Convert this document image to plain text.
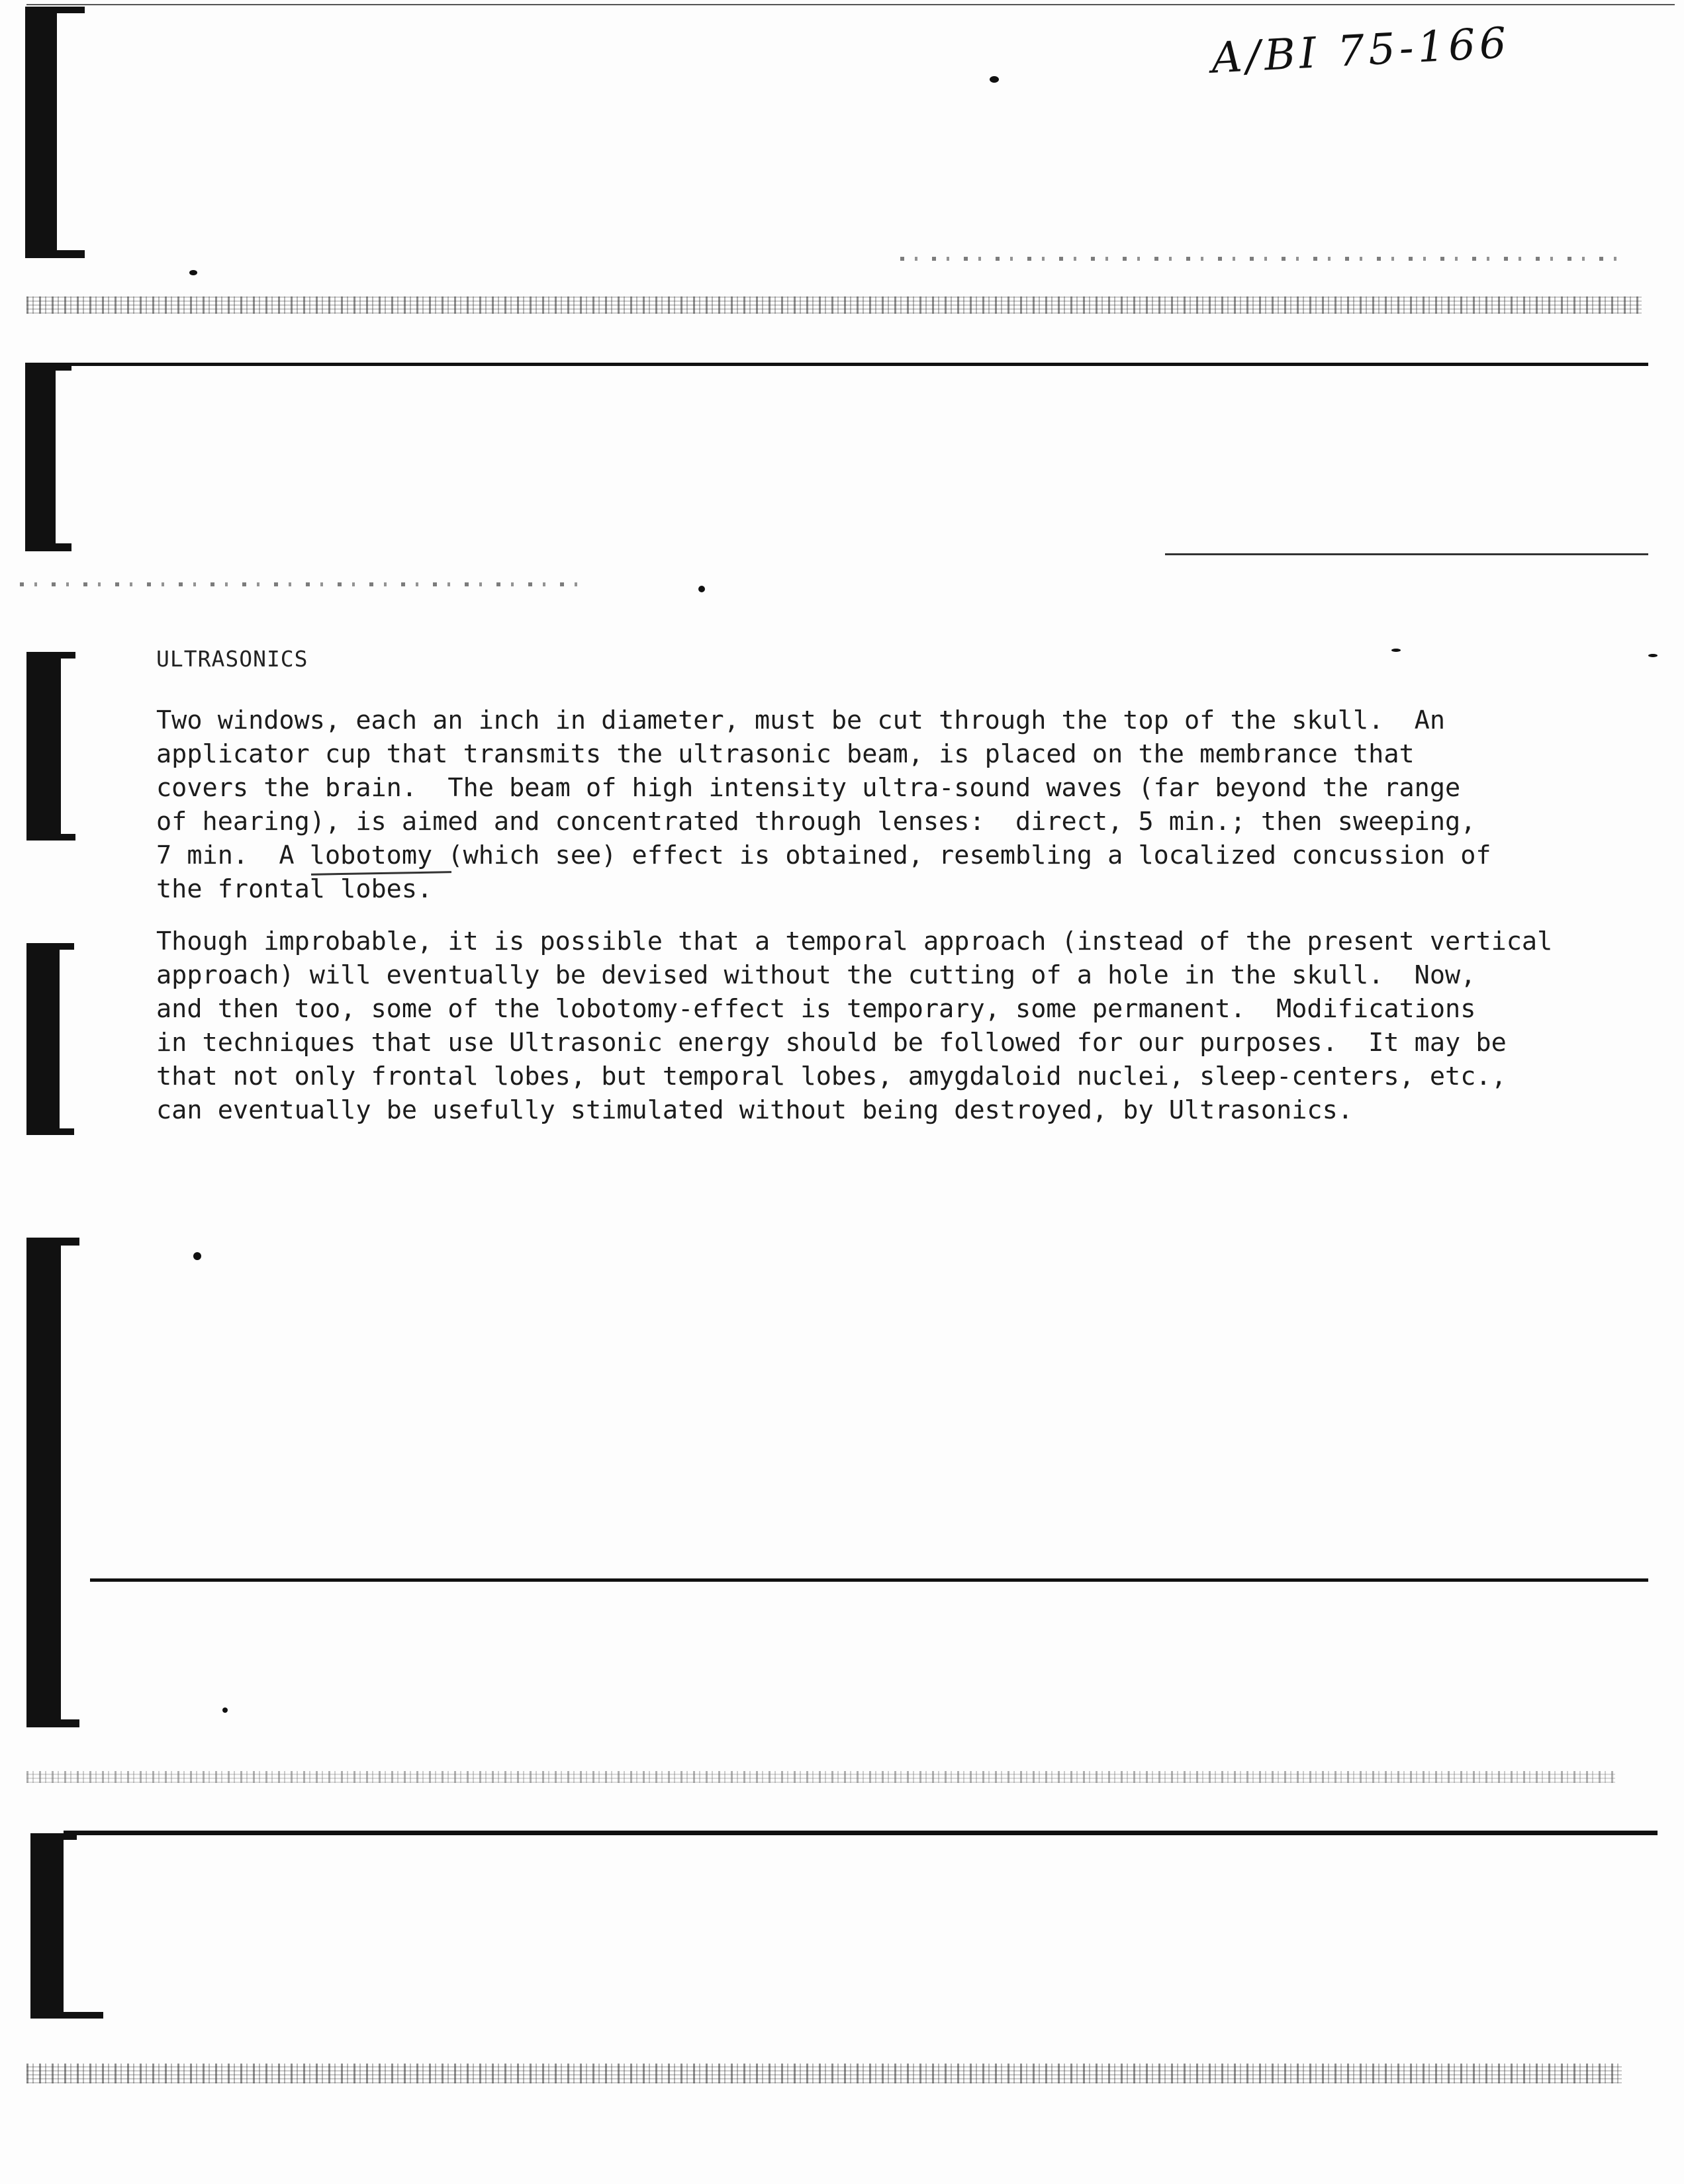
A/BI 75-166
ULTRASONICS

Two windows, each an inch in diameter, must be cut through the top of the skull.  An
applicator cup that transmits the ultrasonic beam, is placed on the membrance that
covers the brain.  The beam of high intensity ultra-sound waves (far beyond the range
of hearing), is aimed and concentrated through lenses:  direct, 5 min.; then sweeping,
7 min.  A lobotomy (which see) effect is obtained, resembling a localized concussion of
the frontal lobes.

Though improbable, it is possible that a temporal approach (instead of the present vertical
approach) will eventually be devised without the cutting of a hole in the skull.  Now,
and then too, some of the lobotomy-effect is temporary, some permanent.  Modifications
in techniques that use Ultrasonic energy should be followed for our purposes.  It may be
that not only frontal lobes, but temporal lobes, amygdaloid nuclei, sleep-centers, etc.,
can eventually be usefully stimulated without being destroyed, by Ultrasonics.
